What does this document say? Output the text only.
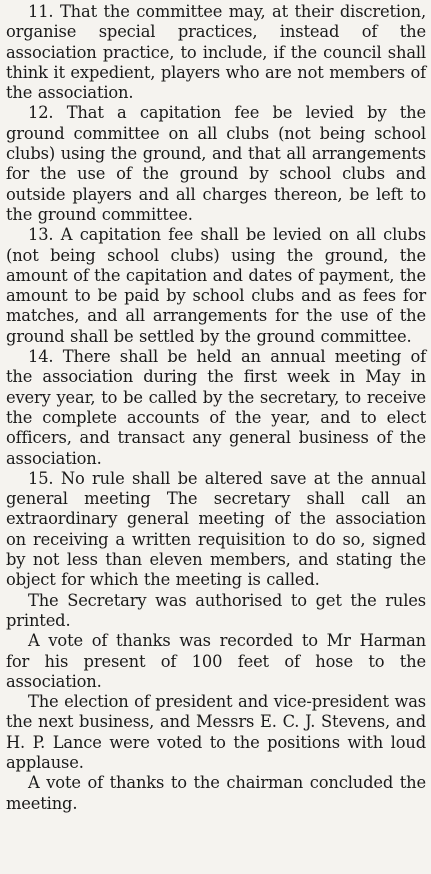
11. That the committee may, at their discretion, organise special practices, instead of the association practice, to include, if the council shall think it expedient, players who are not members of the association.

12. That a capitation fee be levied by the ground committee on all clubs (not being school clubs) using the ground, and that all arrangements for the use of the ground by school clubs and outside players and all charges thereon, be left to the ground committee.

13. A capitation fee shall be levied on all clubs (not being school clubs) using the ground, the amount of the capitation and dates of payment, the amount to be paid by school clubs and as fees for matches, and all arrangements for the use of the ground shall be settled by the ground committee.

14. There shall be held an annual meeting of the association during the first week in May in every year, to be called by the secretary, to receive the complete accounts of the year, and to elect officers, and transact any general business of the association.

15. No rule shall be altered save at the annual general meeting The secretary shall call an extraordinary general meeting of the association on receiving a written requisition to do so, signed by not less than eleven members, and stating the object for which the meeting is called.

The Secretary was authorised to get the rules printed.

A vote of thanks was recorded to Mr Harman for his present of 100 feet of hose to the association.

The election of president and vice-president was the next business, and Messrs E. C. J. Stevens, and H. P. Lance were voted to the positions with loud applause.

A vote of thanks to the chairman concluded the meeting.
